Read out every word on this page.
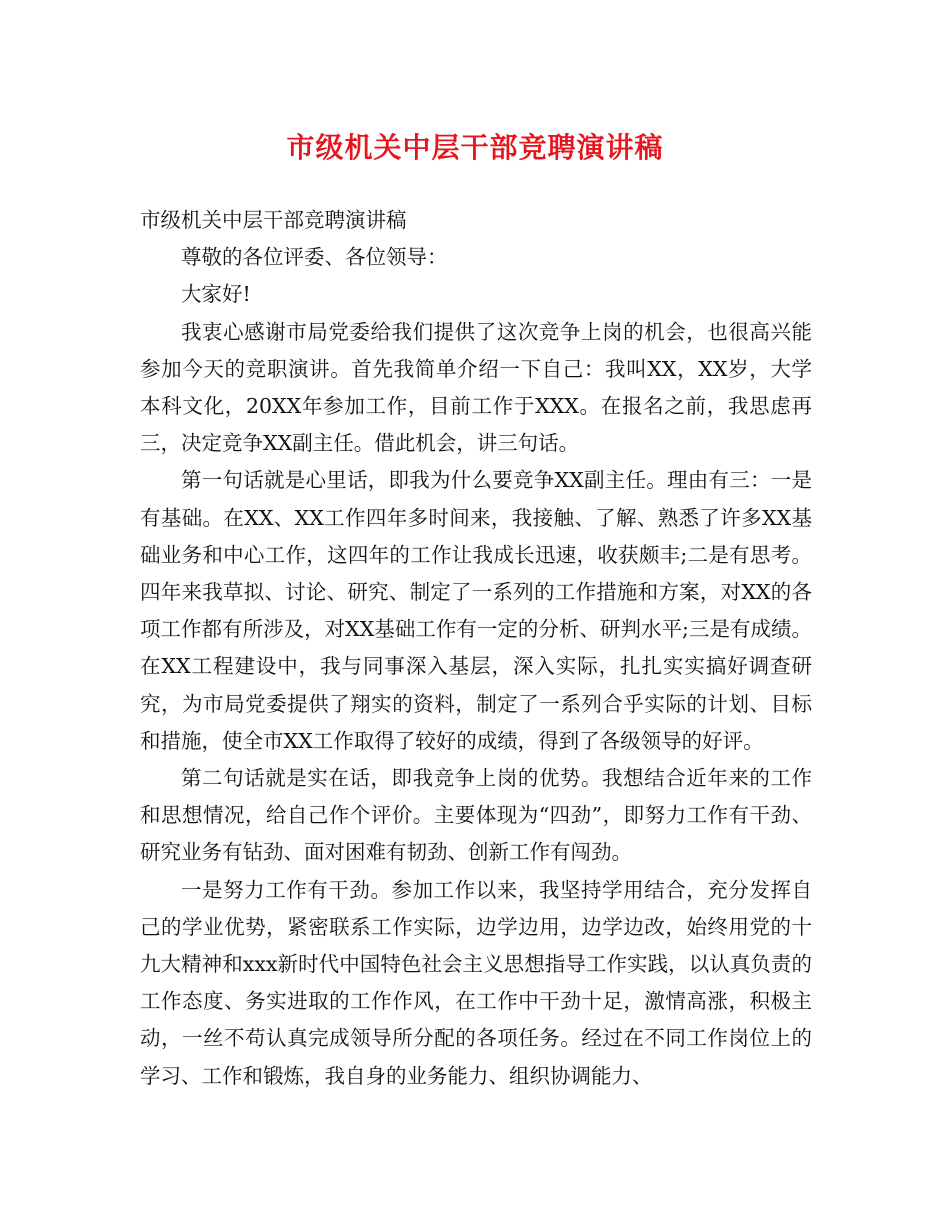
市级机关中层干部竞聘演讲稿

市级机关中层干部竞聘演讲稿

尊敬的各位评委、各位领导：

大家好!

我衷心感谢市局党委给我们提供了这次竞争上岗的机会，也很高兴能参加今天的竞职演讲。首先我简单介绍一下自己：我叫XX，XX岁，大学本科文化，20XX年参加工作，目前工作于XXX。在报名之前，我思虑再三，决定竞争XX副主任。借此机会，讲三句话。

第一句话就是心里话，即我为什么要竞争XX副主任。理由有三：一是有基础。在XX、XX工作四年多时间来，我接触、了解、熟悉了许多XX基础业务和中心工作，这四年的工作让我成长迅速，收获颇丰;二是有思考。四年来我草拟、讨论、研究、制定了一系列的工作措施和方案，对XX的各项工作都有所涉及，对XX基础工作有一定的分析、研判水平;三是有成绩。在XX工程建设中，我与同事深入基层，深入实际，扎扎实实搞好调查研究，为市局党委提供了翔实的资料，制定了一系列合乎实际的计划、目标和措施，使全市XX工作取得了较好的成绩，得到了各级领导的好评。

第二句话就是实在话，即我竞争上岗的优势。我想结合近年来的工作和思想情况，给自己作个评价。主要体现为“四劲”，即努力工作有干劲、研究业务有钻劲、面对困难有韧劲、创新工作有闯劲。

一是努力工作有干劲。参加工作以来，我坚持学用结合，充分发挥自己的学业优势，紧密联系工作实际，边学边用，边学边改，始终用党的十九大精神和xxx新时代中国特色社会主义思想指导工作实践，以认真负责的工作态度、务实进取的工作作风，在工作中干劲十足，激情高涨，积极主动，一丝不苟认真完成领导所分配的各项任务。经过在不同工作岗位上的学习、工作和锻炼，我自身的业务能力、组织协调能力、
